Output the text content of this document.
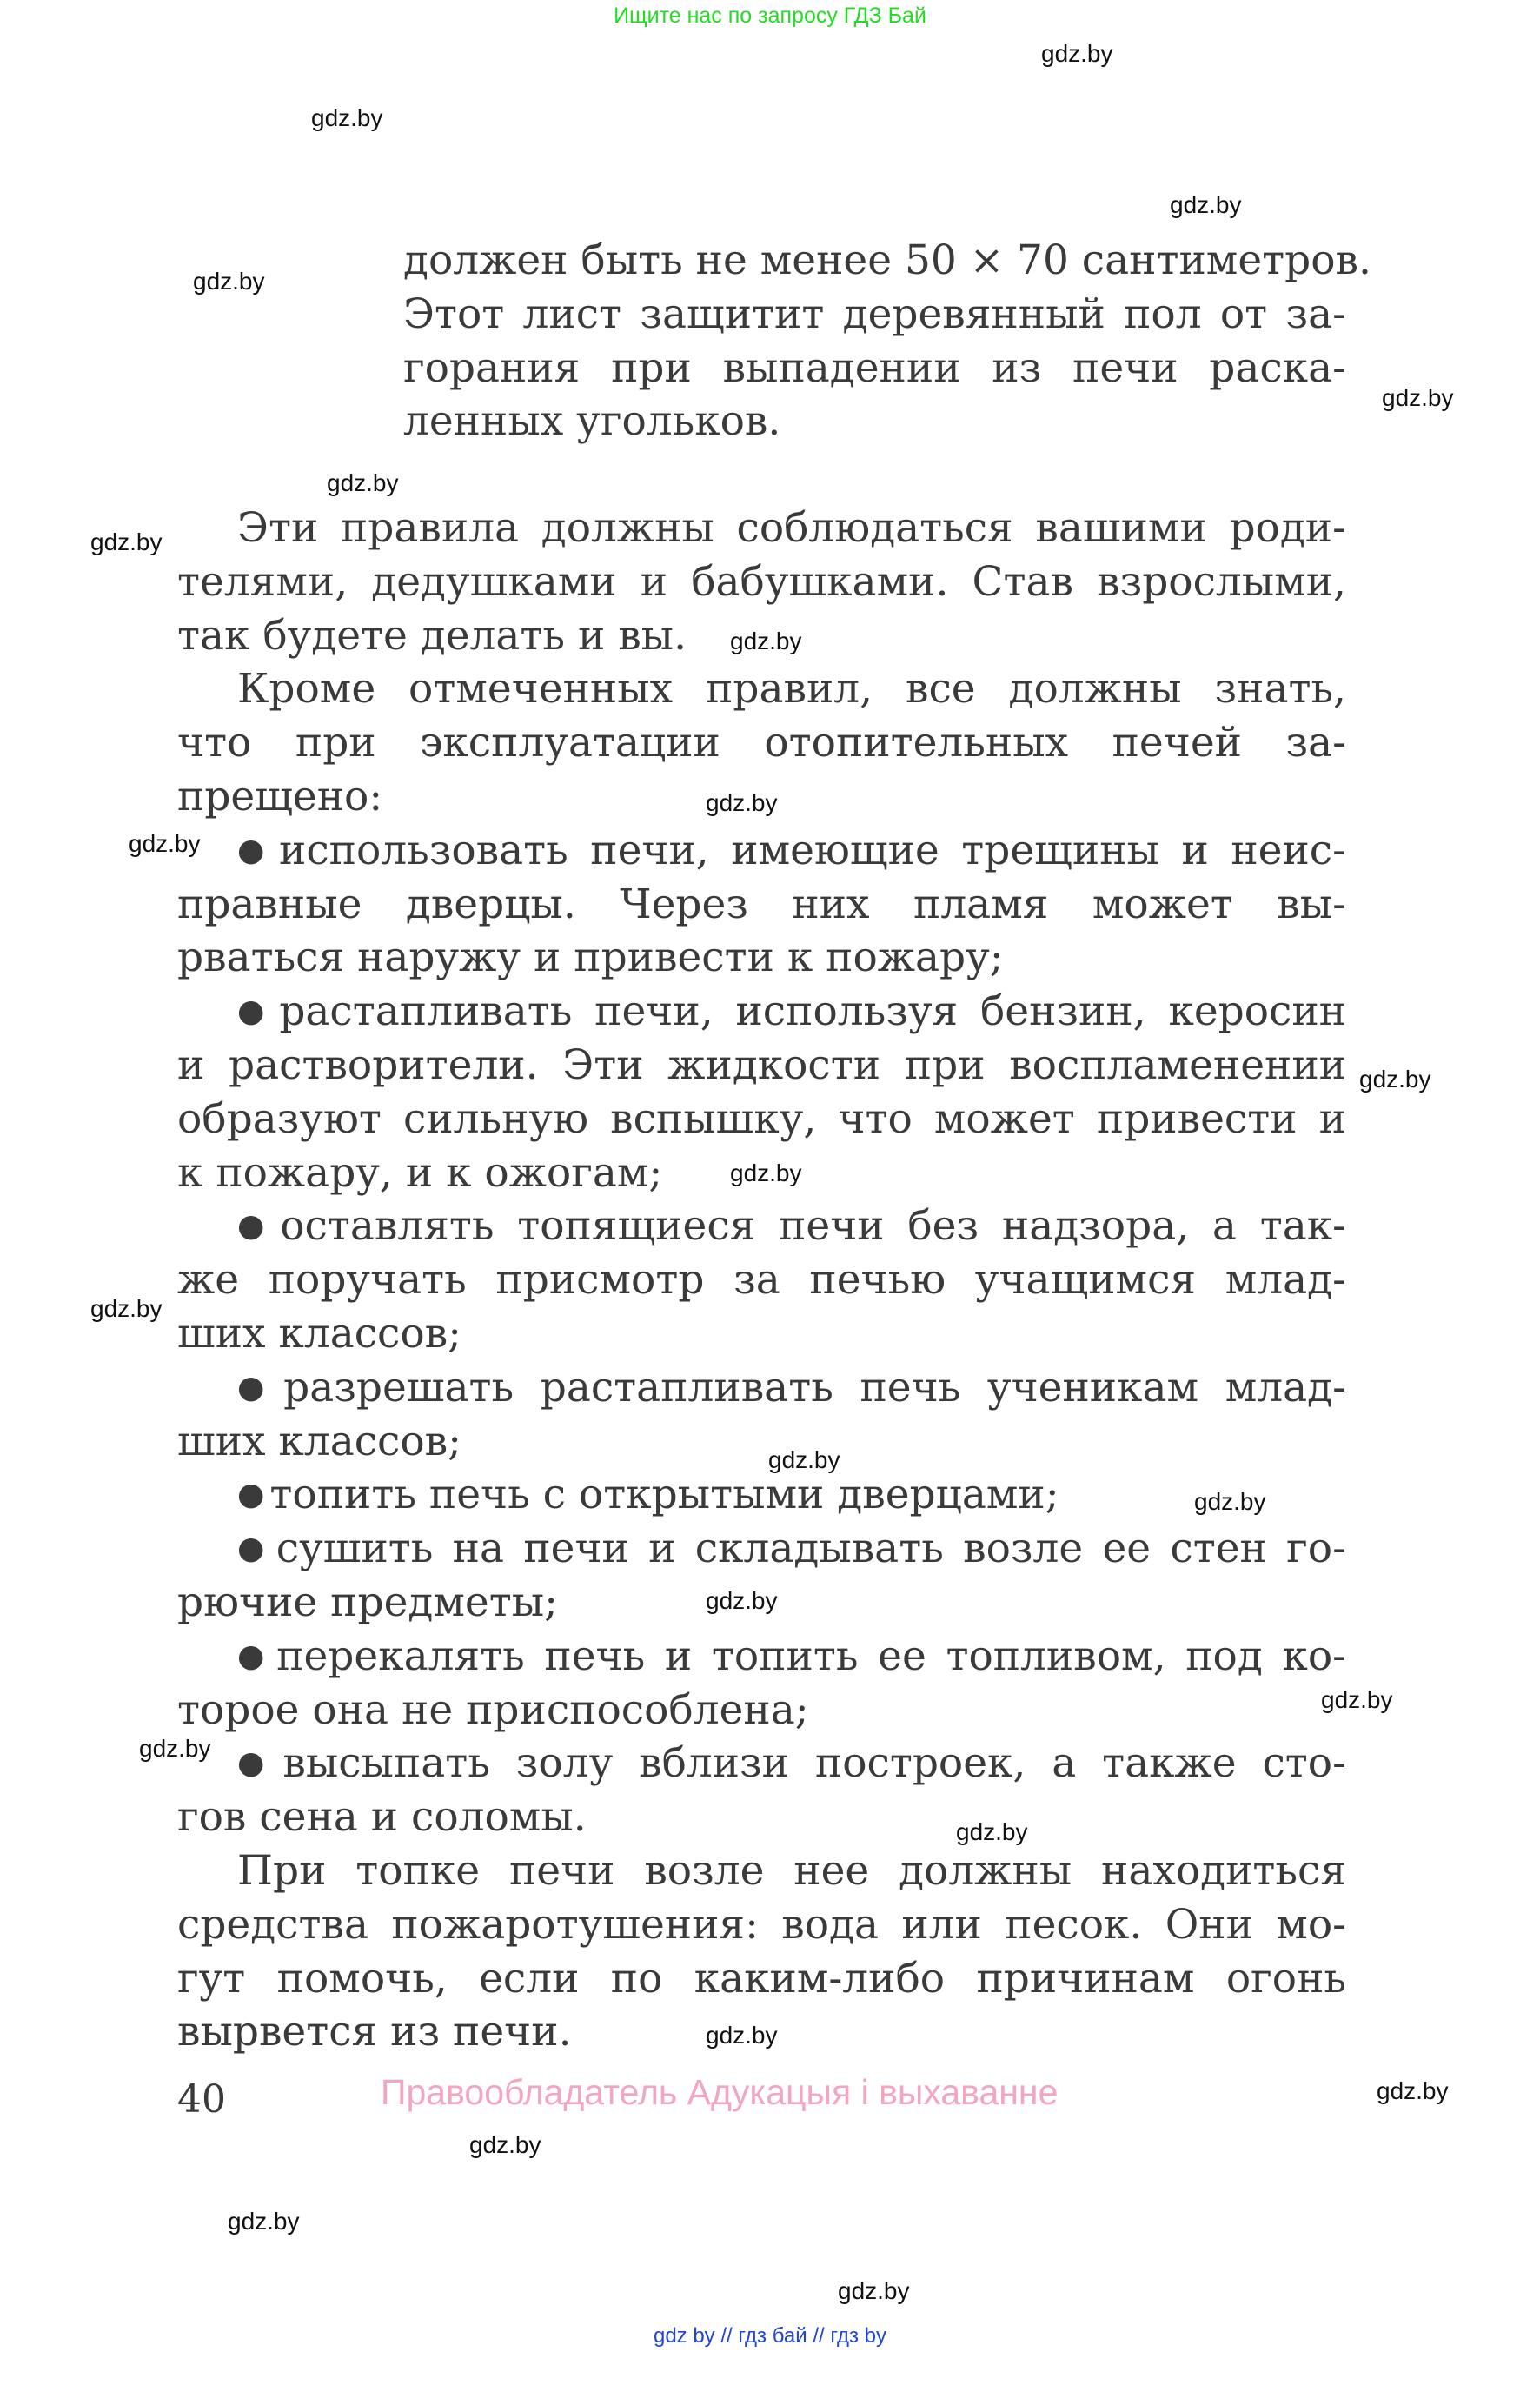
Ищите нас по запросу ГДЗ Бай
должен быть не менее 50 × 70 сантиметров.
Этот лист защитит деревянный пол от за-
горания при выпадении из печи раска-
ленных угольков.
Эти правила должны соблюдаться вашими роди-
телями, дедушками и бабушками. Став взрослыми,
так будете делать и вы.
Кроме отмеченных правил, все должны знать,
что при эксплуатации отопительных печей за-
прещено:
● использовать печи, имеющие трещины и неис-
правные дверцы. Через них пламя может вы-
рваться наружу и привести к пожару;
● растапливать печи, используя бензин, керосин
и растворители. Эти жидкости при воспламенении
образуют сильную вспышку, что может привести и
к пожару, и к ожогам;
● оставлять топящиеся печи без надзора, а так-
же поручать присмотр за печью учащимся млад-
ших классов;
● разрешать растапливать печь ученикам млад-
ших классов;
● топить печь с открытыми дверцами;
● сушить на печи и складывать возле ее стен го-
рючие предметы;
● перекалять печь и топить ее топливом, под ко-
торое она не приспособлена;
● высыпать золу вблизи построек, а также сто-
гов сена и соломы.
При топке печи возле нее должны находиться
средства пожаротушения: вода или песок. Они мо-
гут помочь, если по каким-либо причинам огонь
вырвется из печи.
gdz.by
gdz.by
gdz.by
gdz.by
gdz.by
gdz.by
gdz.by
gdz.by
gdz.by
gdz.by
gdz.by
gdz.by
gdz.by
gdz.by
gdz.by
gdz.by
gdz.by
gdz.by
gdz.by
gdz.by
gdz.by
gdz.by
gdz.by
gdz.by
40	Правообладатель Адукацыя і выхаванне
gdz by // гдз бай // гдз by
